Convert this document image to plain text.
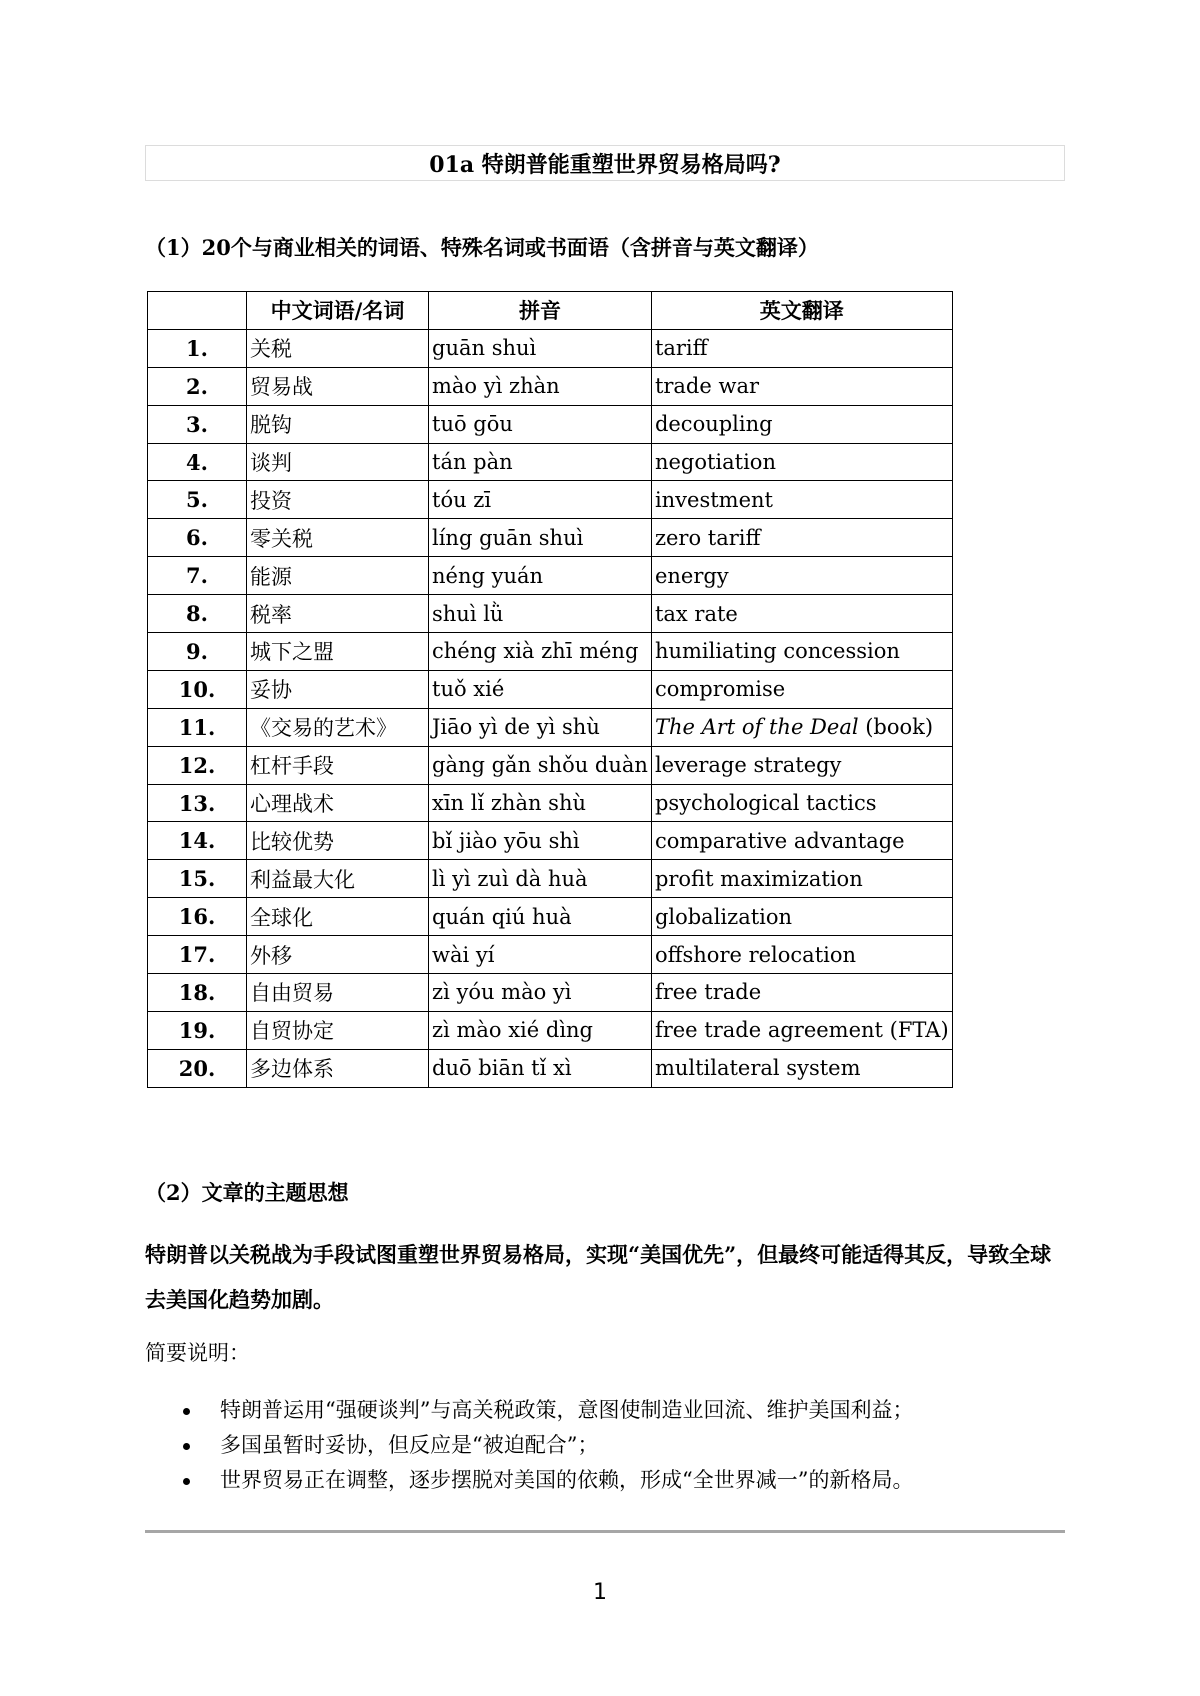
01a 特朗普能重塑世界贸易格局吗?
（1）20个与商业相关的词语、特殊名词或书面语（含拼音与英文翻译）
	中文词语/名词	拼音	英文翻译
1.	关税	guān shuì	tariff
2.	贸易战	mào yì zhàn	trade war
3.	脱钩	tuō gōu	decoupling
4.	谈判	tán pàn	negotiation
5.	投资	tóu zī	investment
6.	零关税	líng guān shuì	zero tariff
7.	能源	néng yuán	energy
8.	税率	shuì lǜ	tax rate
9.	城下之盟	chéng xià zhī méng	humiliating concession
10.	妥协	tuǒ xié	compromise
11.	《交易的艺术》	Jiāo yì de yì shù	The Art of the Deal (book)
12.	杠杆手段	gàng gǎn shǒu duàn	leverage strategy
13.	心理战术	xīn lǐ zhàn shù	psychological tactics
14.	比较优势	bǐ jiào yōu shì	comparative advantage
15.	利益最大化	lì yì zuì dà huà	profit maximization
16.	全球化	quán qiú huà	globalization
17.	外移	wài yí	offshore relocation
18.	自由贸易	zì yóu mào yì	free trade
19.	自贸协定	zì mào xié dìng	free trade agreement (FTA)
20.	多边体系	duō biān tǐ xì	multilateral system
（2）文章的主题思想
特朗普以关税战为手段试图重塑世界贸易格局，实现“美国优先”，但最终可能适得其反，导致全球去美国化趋势加剧。
简要说明：
特朗普运用“强硬谈判”与高关税政策，意图使制造业回流、维护美国利益；
多国虽暂时妥协，但反应是“被迫配合”；
世界贸易正在调整，逐步摆脱对美国的依赖，形成“全世界减一”的新格局。
1
